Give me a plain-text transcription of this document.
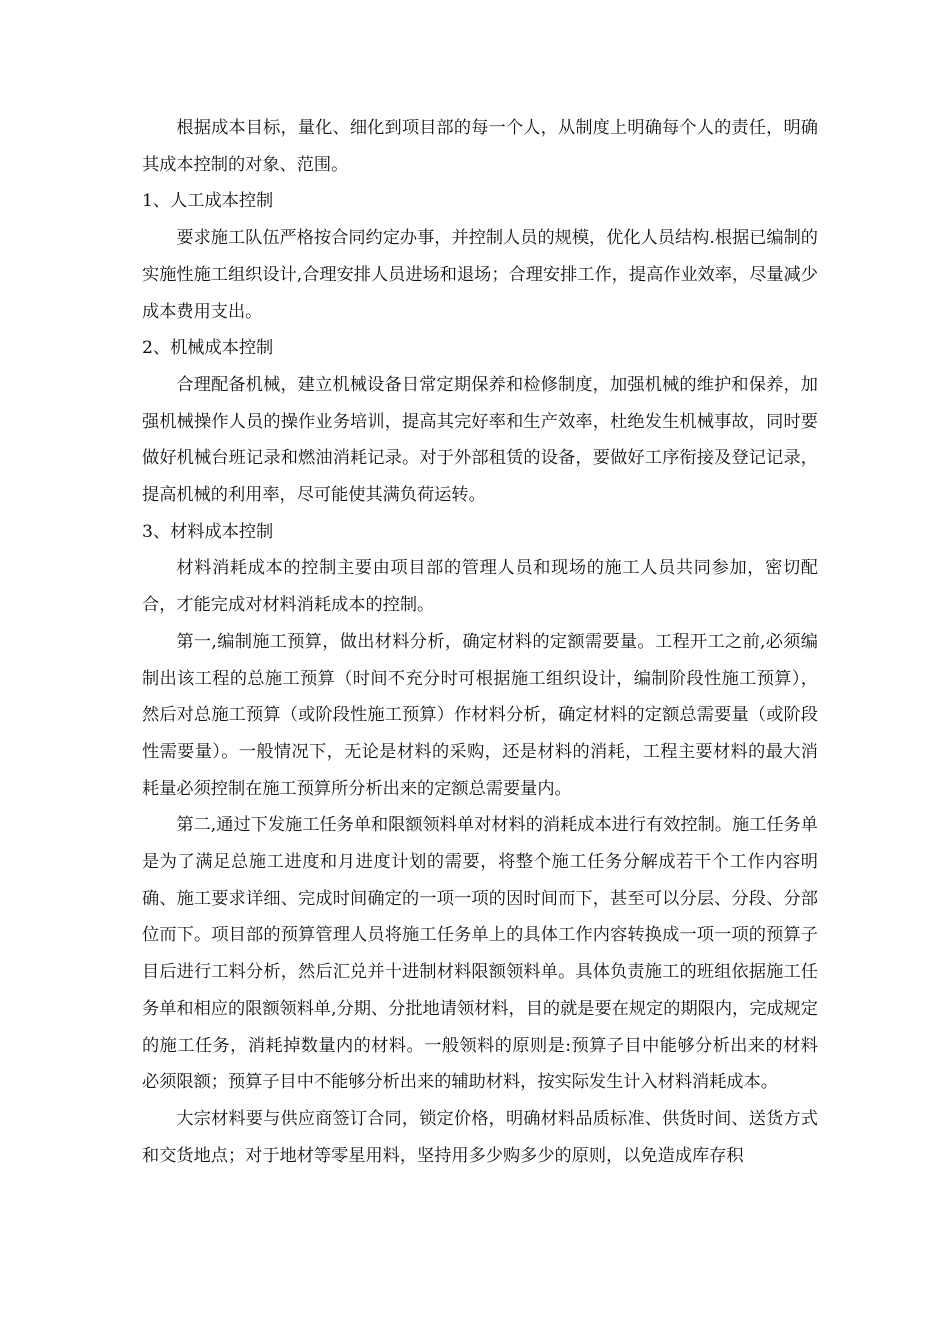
根据成本目标，量化、细化到项目部的每一个人，从制度上明确每个人的责任，明确其成本控制的对象、范围。

1、人工成本控制

要求施工队伍严格按合同约定办事，并控制人员的规模，优化人员结构.根据已编制的实施性施工组织设计,合理安排人员进场和退场；合理安排工作，提高作业效率，尽量减少成本费用支出。

2、机械成本控制

合理配备机械，建立机械设备日常定期保养和检修制度，加强机械的维护和保养，加强机械操作人员的操作业务培训，提高其完好率和生产效率，杜绝发生机械事故，同时要做好机械台班记录和燃油消耗记录。对于外部租赁的设备，要做好工序衔接及登记记录，提高机械的利用率，尽可能使其满负荷运转。

3、材料成本控制

材料消耗成本的控制主要由项目部的管理人员和现场的施工人员共同参加，密切配合，才能完成对材料消耗成本的控制。

第一,编制施工预算，做出材料分析，确定材料的定额需要量。工程开工之前,必须编制出该工程的总施工预算（时间不充分时可根据施工组织设计，编制阶段性施工预算），然后对总施工预算（或阶段性施工预算）作材料分析，确定材料的定额总需要量（或阶段性需要量）。一般情况下，无论是材料的采购，还是材料的消耗，工程主要材料的最大消耗量必须控制在施工预算所分析出来的定额总需要量内。

第二,通过下发施工任务单和限额领料单对材料的消耗成本进行有效控制。施工任务单是为了满足总施工进度和月进度计划的需要，将整个施工任务分解成若干个工作内容明确、施工要求详细、完成时间确定的一项一项的因时间而下，甚至可以分层、分段、分部位而下。项目部的预算管理人员将施工任务单上的具体工作内容转换成一项一项的预算子目后进行工料分析，然后汇兑并十进制材料限额领料单。具体负责施工的班组依据施工任务单和相应的限额领料单,分期、分批地请领材料，目的就是要在规定的期限内，完成规定的施工任务，消耗掉数量内的材料。一般领料的原则是:预算子目中能够分析出来的材料必须限额；预算子目中不能够分析出来的辅助材料，按实际发生计入材料消耗成本。

大宗材料要与供应商签订合同，锁定价格，明确材料品质标准、供货时间、送货方式和交货地点；对于地材等零星用料，坚持用多少购多少的原则，以免造成库存积
